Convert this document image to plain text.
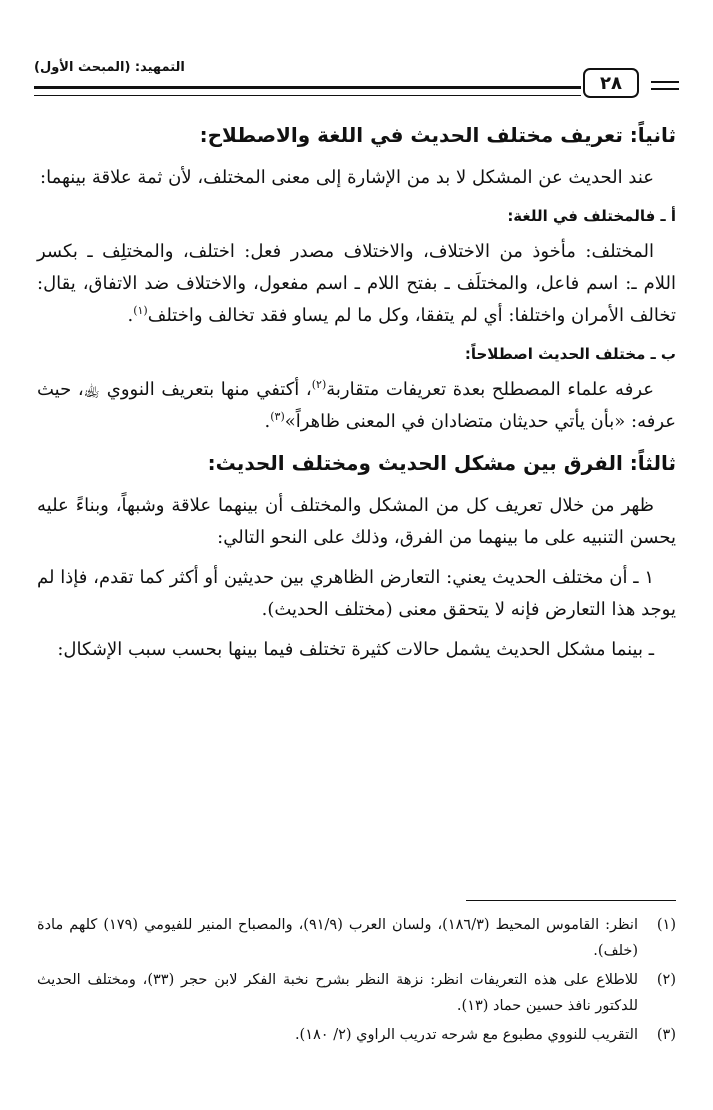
٢٨
التمهيد: (المبحث الأول)
ثانياً: تعريف مختلف الحديث في اللغة والاصطلاح:

عند الحديث عن المشكل لا بد من الإشارة إلى معنى المختلف، لأن ثمة علاقة بينهما:

أ ـ فالمختلف في اللغة:

المختلف: مأخوذ من الاختلاف، والاختلاف مصدر فعل: اختلف، والمختلِف ـ بكسر اللام ـ: اسم فاعل، والمختلَف ـ بفتح اللام ـ اسم مفعول، والاختلاف ضد الاتفاق، يقال: تخالف الأمران واختلفا: أي لم يتفقا، وكل ما لم يساو فقد تخالف واختلف$^{(١)}$.

ب ـ مختلف الحديث اصطلاحاً:

عرفه علماء المصطلح بعدة تعريفات متقاربة$^{(٢)}$، أكتفي منها بتعريف النووي ﵀، حيث عرفه: «بأن يأتي حديثان متضادان في المعنى ظاهراً»$^{(٣)}$.

ثالثاً: الفرق بين مشكل الحديث ومختلف الحديث:

ظهر من خلال تعريف كل من المشكل والمختلف أن بينهما علاقة وشبهاً، وبناءً عليه يحسن التنبيه على ما بينهما من الفرق، وذلك على النحو التالي:

١ ـ أن مختلف الحديث يعني: التعارض الظاهري بين حديثين أو أكثر كما تقدم، فإذا لم يوجد هذا التعارض فإنه لا يتحقق معنى (مختلف الحديث).

ـ بينما مشكل الحديث يشمل حالات كثيرة تختلف فيما بينها بحسب سبب الإشكال:

(١)
انظر: القاموس المحيط (١٨٦/٣)، ولسان العرب (٩١/٩)، والمصباح المنير للفيومي (١٧٩) كلهم مادة (خلف).
(٢)
للاطلاع على هذه التعريفات انظر: نزهة النظر بشرح نخبة الفكر لابن حجر (٣٣)، ومختلف الحديث للدكتور نافذ حسين حماد (١٣).
(٣)
التقريب للنووي مطبوع مع شرحه تدريب الراوي (٢/ ١٨٠).
